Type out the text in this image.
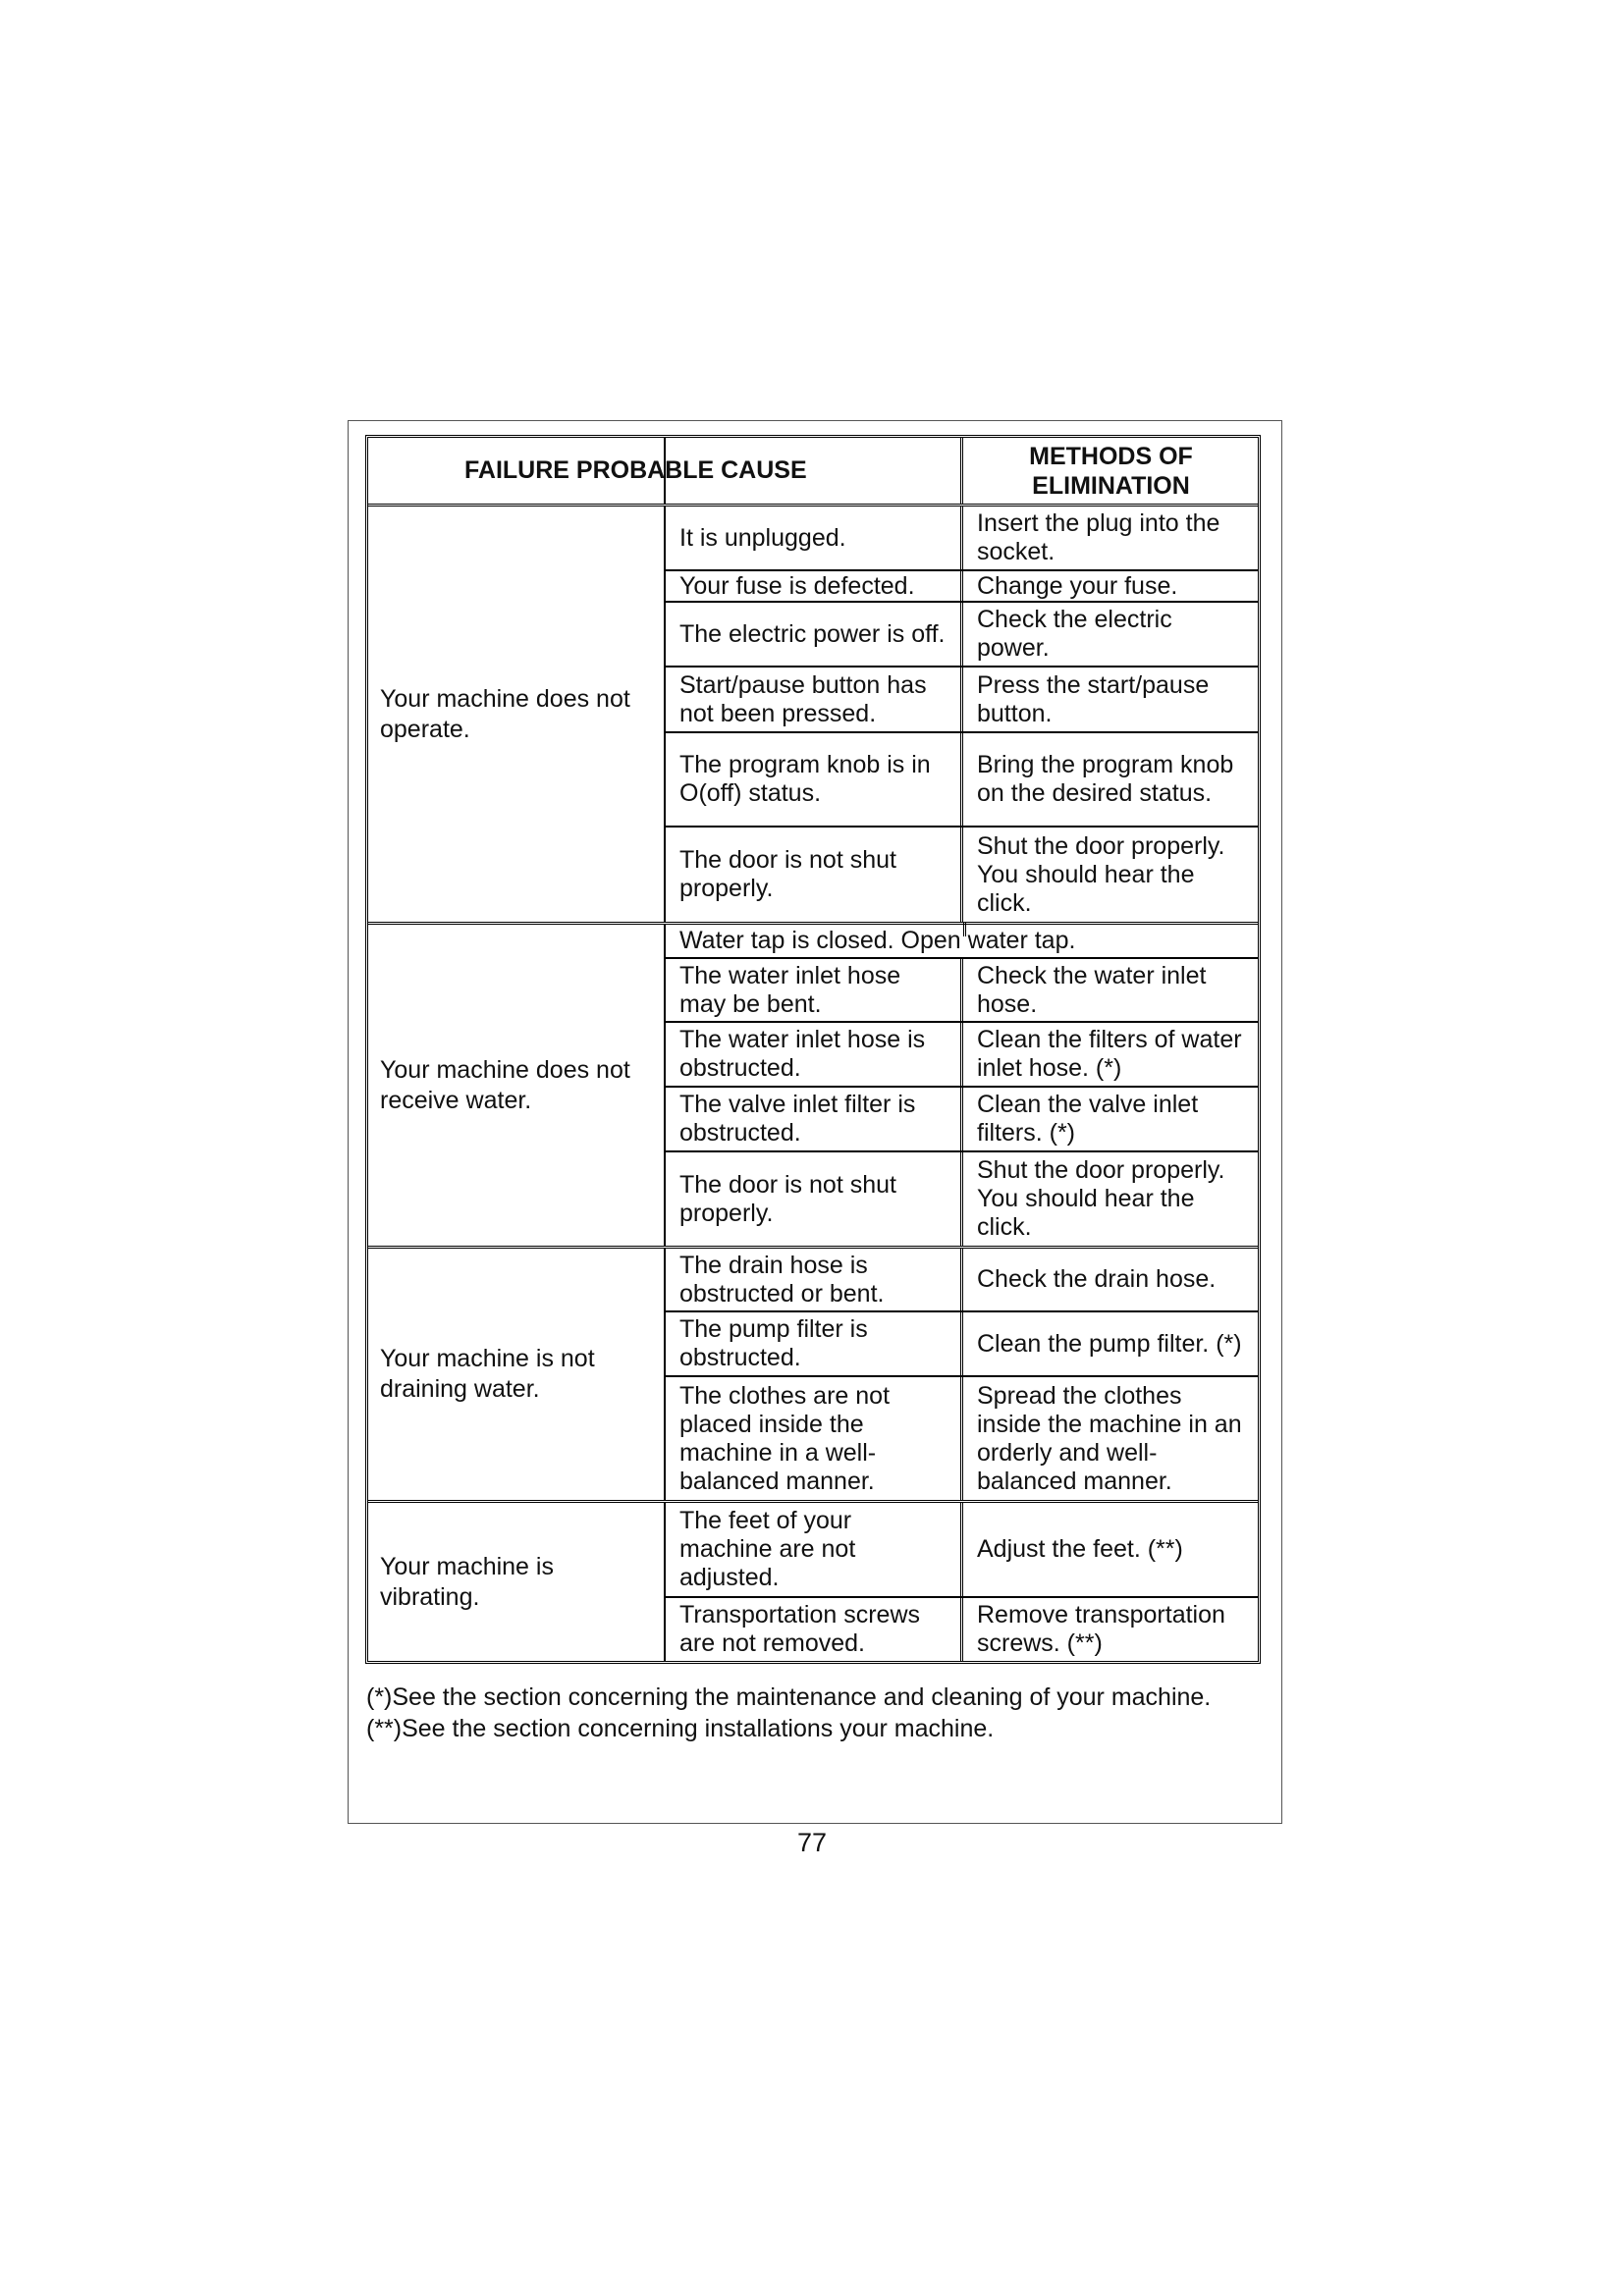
FAILURE PROBABLE CAUSE	METHODS OF
ELIMINATION
Your machine does not operate.
It is unplugged.
Insert the plug into the socket.
Your fuse is defected.	Change your fuse.
The electric power is off.
Check the electric power.
Start/pause button has not been pressed.
Press the start/pause button.
The program knob is in O(off) status.
Bring the program knob on the desired status.
The door is not shut properly.
Shut the door properly. You should hear the click.
Your machine does not receive water.
Water tap is closed. Open water tap.
The water inlet hose may be bent.
Check the water inlet hose.
The water inlet hose is obstructed.
Clean the filters of water inlet hose. (*)
The valve inlet filter is obstructed.
Clean the valve inlet filters. (*)
The door is not shut properly.
Shut the door properly. You should hear the click.
Your machine is not draining water.
The drain hose is obstructed or bent.
Check the drain hose.
The pump filter is obstructed.
Clean the pump filter. (*)
The clothes are not placed inside the machine in a well-balanced manner.
Spread the clothes inside the machine in an orderly and well-balanced manner.
Your machine is vibrating.
The feet of your machine are not adjusted.
Adjust the feet. (**)
Transportation screws are not removed.
Remove transportation screws. (**)
(*)See the section concerning the maintenance and cleaning of your machine.
(**)See the section concerning installations your machine.
77
